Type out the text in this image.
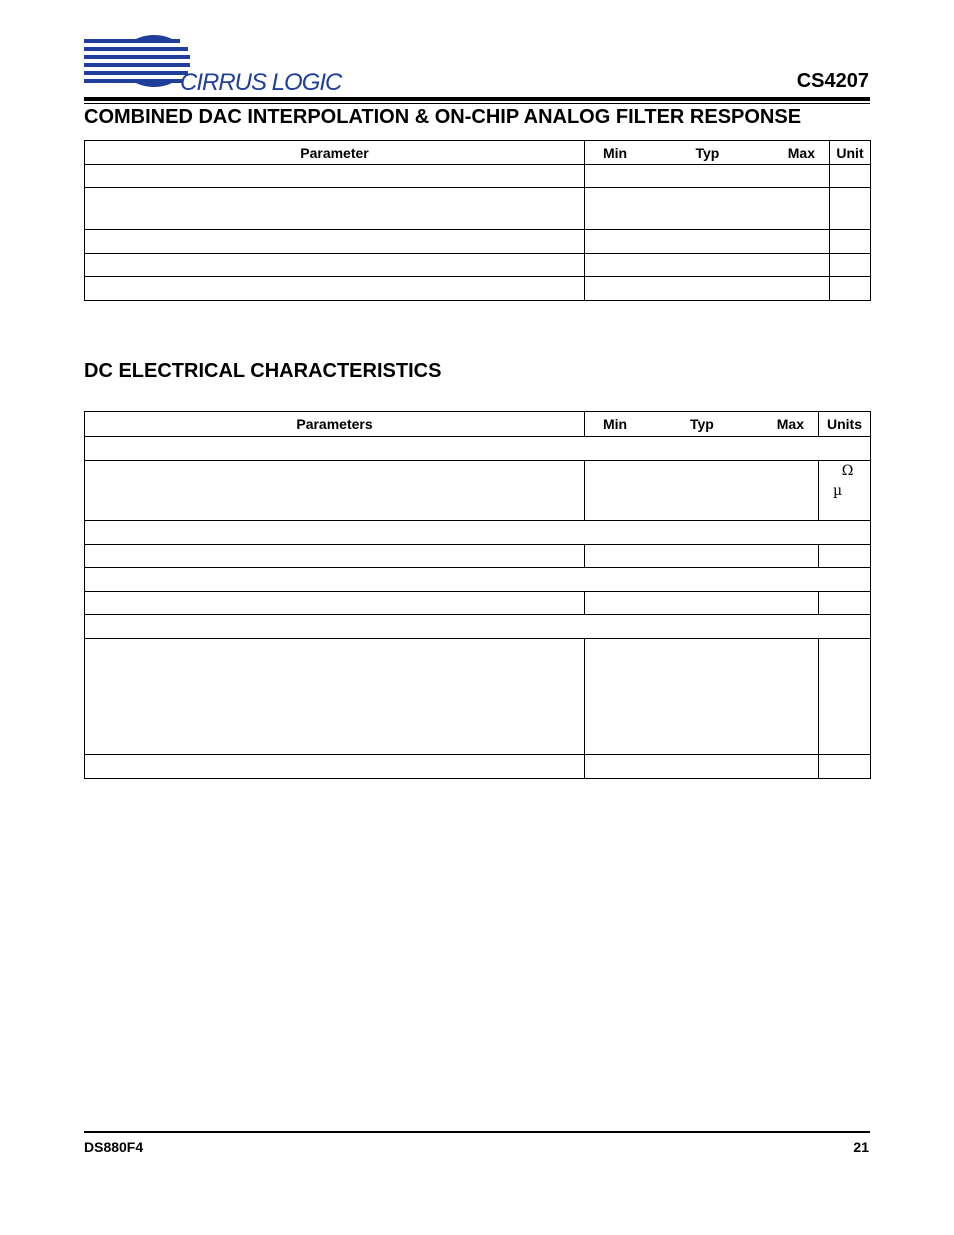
CIRRUS LOGIC	CS4207
COMBINED DAC INTERPOLATION & ON-CHIP ANALOG FILTER RESPONSE
Parameter	Min Typ Max	Unit

DC ELECTRICAL CHARACTERISTICS
Parameters	Min Typ Max	Units

		Ω
µ

DS880F4	21
